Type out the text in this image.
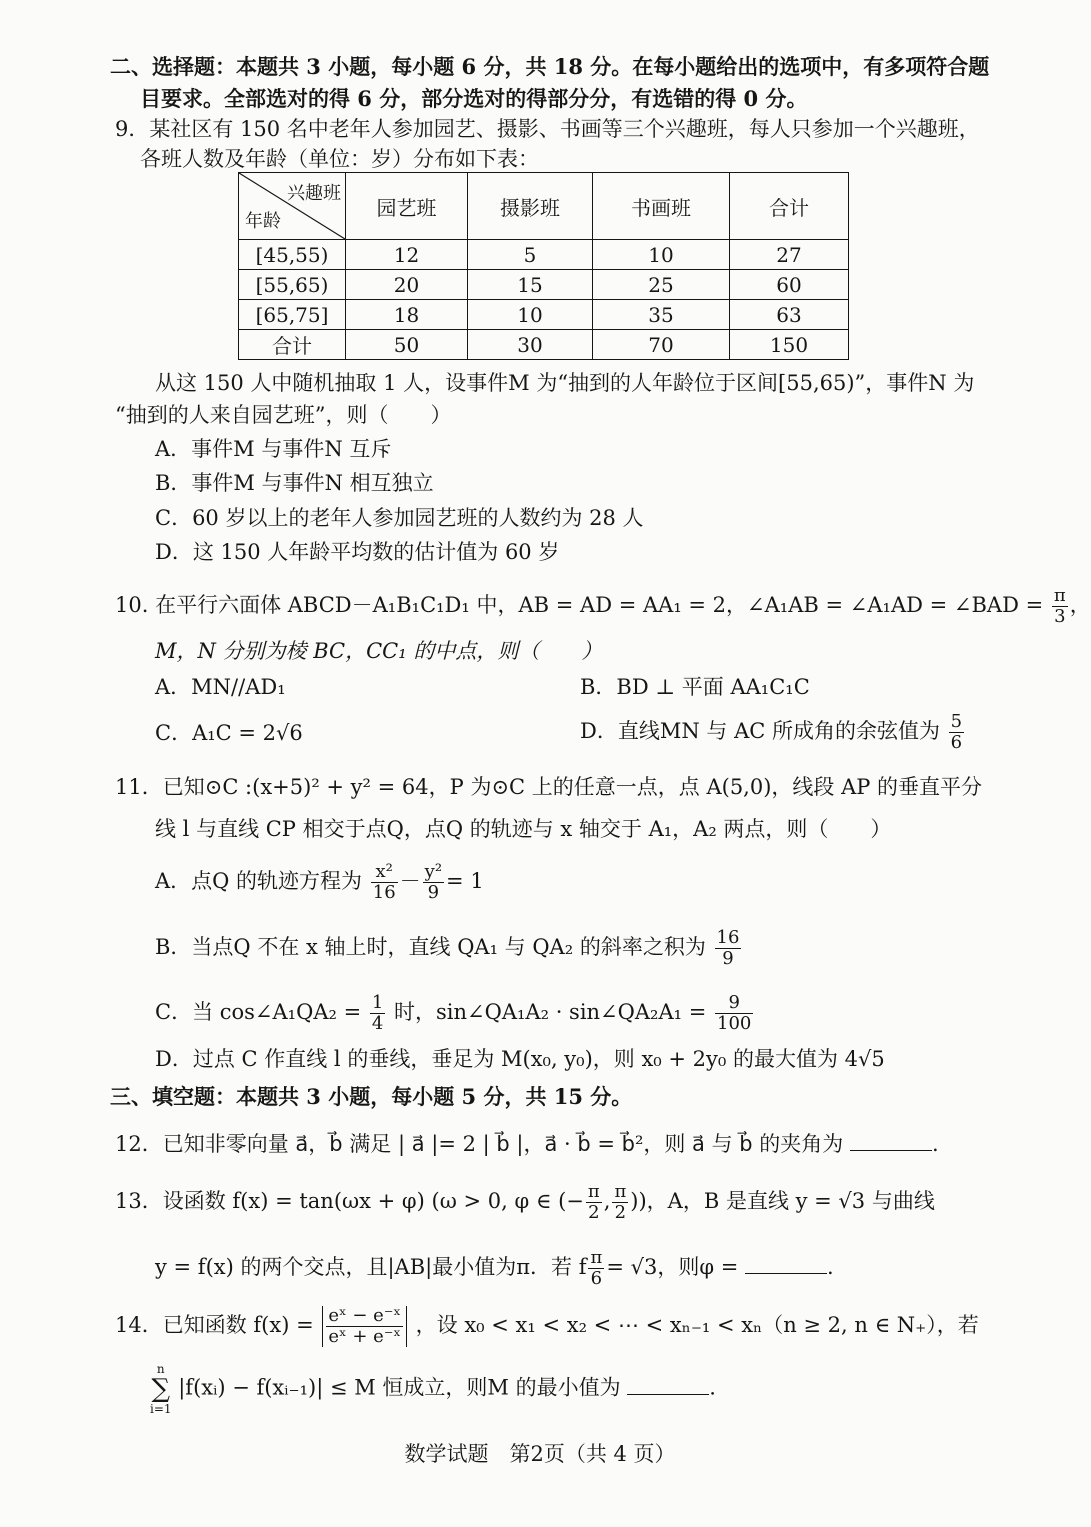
二、选择题：本题共 3 小题，每小题 6 分，共 18 分。在每小题给出的选项中，有多项符合题
目要求。全部选对的得 6 分，部分选对的得部分分，有选错的得 0 分。
9．某社区有 150 名中老年人参加园艺、摄影、书画等三个兴趣班，每人只参加一个兴趣班，
各班人数及年龄（单位：岁）分布如下表：
兴趣班
年龄	园艺班	摄影班	书画班	合计
[45,55)	12	5	10	27
[55,65)	20	15	25	60
[65,75]	18	10	35	63
合计	50	30	70	150
从这 150 人中随机抽取 1 人，设事件M 为“抽到的人年龄位于区间[55,65)”，事件N 为
“抽到的人来自园艺班”，则（　　）
A．事件M 与事件N 互斥
B．事件M 与事件N 相互独立
C．60 岁以上的老年人参加园艺班的人数约为 28 人
D．这 150 人年龄平均数的估计值为 60 岁
10. 在平行六面体 ABCD－A₁B₁C₁D₁ 中，AB = AD = AA₁ = 2，∠A₁AB = ∠A₁AD = ∠BAD = $\frac{\pi}{3}$ ，
M，N 分别为棱 BC，CC₁ 的中点，则（　　）
A．MN//AD₁	B．BD ⊥ 平面 AA₁C₁C
C．A₁C = 2√6	D．直线MN 与 AC 所成角的余弦值为 $\frac{5}{6}$
11．已知⊙C :(x+5)² + y² = 64，P 为⊙C 上的任意一点，点 A(5,0)，线段 AP 的垂直平分
线 l 与直线 CP 相交于点Q，点Q 的轨迹与 x 轴交于 A₁，A₂ 两点，则（　　）
A．点Q 的轨迹方程为 $\frac{\text{x²}}{16} - \frac{\text{y²}}{9} = 1$
B．当点Q 不在 x 轴上时，直线 QA₁ 与 QA₂ 的斜率之积为 $\frac{16}{9}$
C．当 cos∠A₁QA₂ = $\frac{1}{4}$ 时，sin∠QA₁A₂ · sin∠QA₂A₁ = $\frac{9}{100}$
D．过点 C 作直线 l 的垂线，垂足为 M(x₀, y₀)，则 x₀ + 2y₀ 的最大值为 4√5
三、填空题：本题共 3 小题，每小题 5 分，共 15 分。
12．已知非零向量 a⃗，b⃗ 满足 | a⃗ |= 2 | b⃗ |，a⃗ · b⃗ = b⃗²，则 a⃗ 与 b⃗ 的夹角为	.
13．设函数 f(x) = tan(ωx + φ) (ω > 0, φ ∈ (− $\frac{\pi}{2}$ , $\frac{\pi}{2}$ ))，A，B 是直线 y = √3 与曲线
y = f(x) 的两个交点，且|AB|最小值为π．若 f $\frac{\pi}{6} = √3$，则φ =	.
14．已知函数 $f(x) = \frac{\text{eˣ − e⁻ˣ}}{\text{eˣ + e⁻ˣ}}$ ，设 x₀ < x₁ < x₂ < ⋯ < xₙ₋₁ < xₙ（n ≥ 2, n ∈ N₊），若
n
∑
i=1
|f(xᵢ) − f(xᵢ₋₁)| ≤ M 恒成立，则M 的最小值为	.
数学试题　第2页（共 4 页）
